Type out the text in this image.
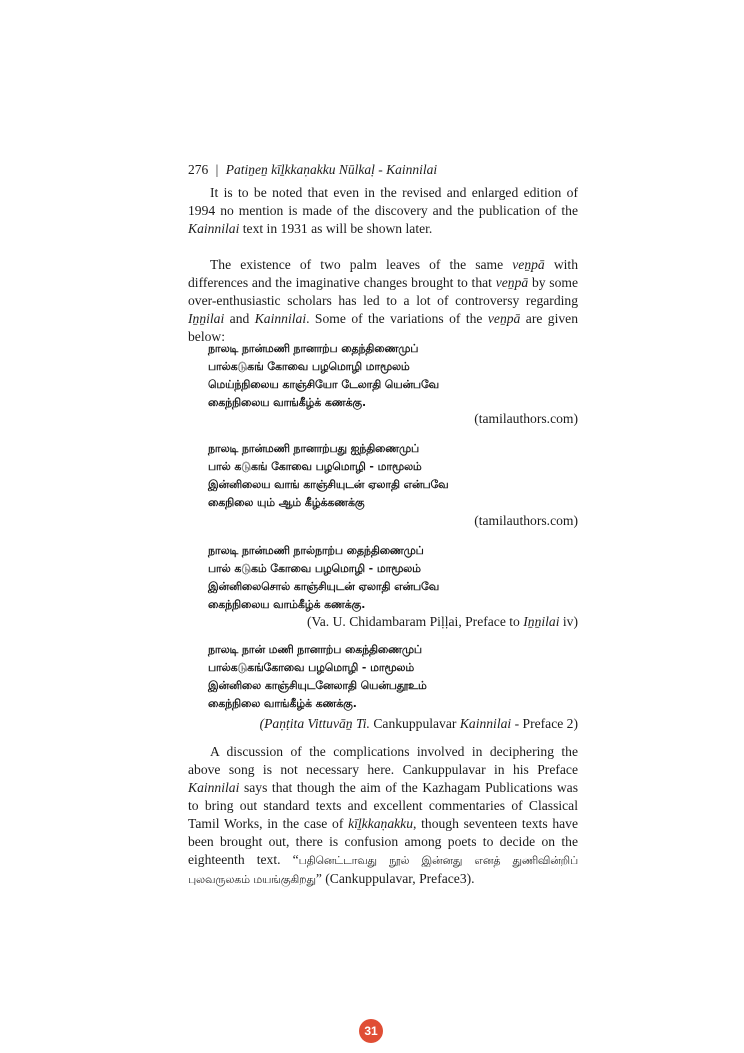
276 | Patiṉeṉ kīḻkkaṇakku Nūlkaḷ - Kainnilai

It is to be noted that even in the revised and enlarged edition of 1994 no mention is made of the discovery and the publication of the Kainnilai text in 1931 as will be shown later.

The existence of two palm leaves of the same veṉpā with differences and the imaginative changes brought to that veṉpā by some over-enthusiastic scholars has led to a lot of controversy regarding Iṉṉilai and Kainnilai. Some of the variations of the veṉpā are given below:

நாலடி நான்மணி நானாற்ப தைந்திணைமுப்
பால்கடுகங் கோவை பழமொழி மாமூலம்
மெய்ந்நிலைய காஞ்சியோ டேலாதி யென்பவே
கைந்நிலைய வாங்கீழ்க் கணக்கு.
(tamilauthors.com)
நாலடி நான்மணி நானாற்பது ஐந்திணைமுப்
பால் கடுகங் கோவை பழமொழி - மாமூலம்
இன்னிலைய வாங் காஞ்சியுடன் ஏலாதி என்பவே
கைநிலை யும் ஆம் கீழ்க்கணக்கு
(tamilauthors.com)
நாலடி நான்மணி நால்நாற்ப தைந்திணைமுப்
பால் கடுகம் கோவை பழமொழி - மாமூலம்
இன்னிலைசொல் காஞ்சியுடன் ஏலாதி என்பவே
கைந்நிலைய வாம்கீழ்க் கணக்கு.
(Va. U. Chidambaram Piḷḷai, Preface to Iṉṉilai iv)
நாலடி நான் மணி நானாற்ப கைந்திணைமுப்
பால்கடுகங்கோவை பழமொழி - மாமூலம்
இன்னிலை காஞ்சியுடனேலாதி யென்பதூஉம்
கைந்நிலை வாங்கீழ்க் கணக்கு.
(Paṇṭita Vittuvāṉ Ti. Cankuppulavar Kainnilai - Preface 2)

A discussion of the complications involved in deciphering the above song is not necessary here. Cankuppulavar in his Preface Kainnilai says that though the aim of the Kazhagam Publications was to bring out standard texts and excellent commentaries of Classical Tamil Works, in the case of kīḻkkaṇakku, though seventeen texts have been brought out, there is confusion among poets to decide on the eighteenth text. “பதினெட்டாவது நூல் இன்னது எனத் துணிவின்றிப் புலவருலகம் மயங்குகிறது” (Cankuppulavar, Preface3).

31
